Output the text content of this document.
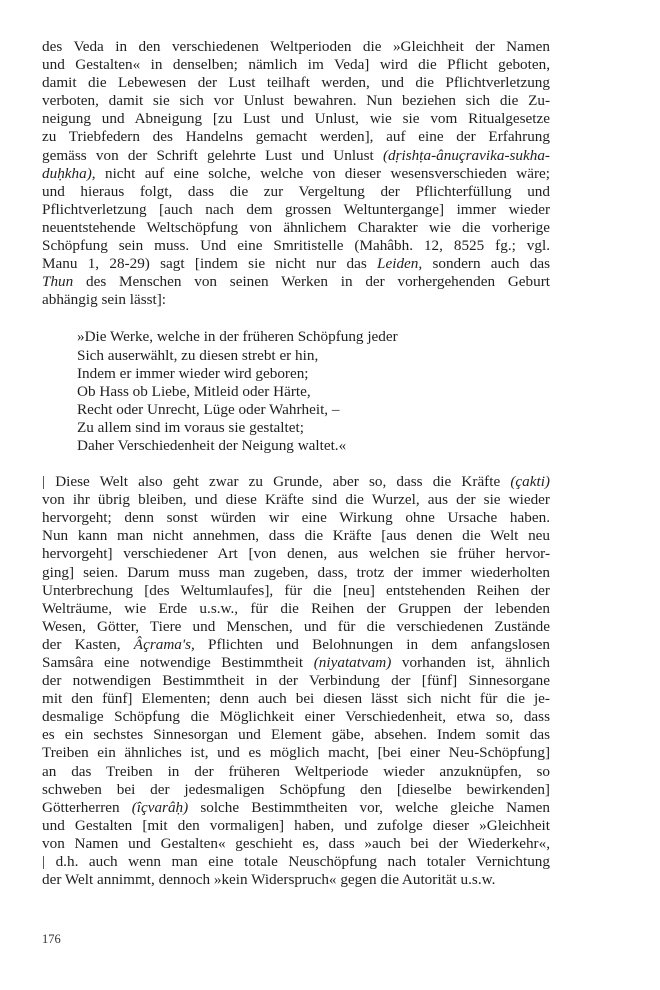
des Veda in den verschiedenen Weltperioden die »Gleichheit der Namen
und Gestalten« in denselben; nämlich im Veda] wird die Pflicht geboten,
damit die Lebewesen der Lust teilhaft werden, und die Pflichtverletzung
verboten, damit sie sich vor Unlust bewahren. Nun beziehen sich die Zu-
neigung und Abneigung [zu Lust und Unlust, wie sie vom Ritualgesetze
zu Triebfedern des Handelns gemacht werden], auf eine der Erfahrung
gemäss von der Schrift gelehrte Lust und Unlust (dṛishṭa-ânuçravika-sukha-
duḥkha), nicht auf eine solche, welche von dieser wesensverschieden wäre;
und hieraus folgt, dass die zur Vergeltung der Pflichterfüllung und
Pflichtverletzung [auch nach dem grossen Weltuntergange] immer wieder
neuentstehende Weltschöpfung von ähnlichem Charakter wie die vorherige
Schöpfung sein muss. Und eine Smritistelle (Mahâbh. 12, 8525 fg.; vgl.
Manu 1, 28-29) sagt [indem sie nicht nur das Leiden, sondern auch das
Thun des Menschen von seinen Werken in der vorhergehenden Geburt
abhängig sein lässt]:

»Die Werke, welche in der früheren Schöpfung jeder
Sich auserwählt, zu diesen strebt er hin,
Indem er immer wieder wird geboren;
Ob Hass ob Liebe, Mitleid oder Härte,
Recht oder Unrecht, Lüge oder Wahrheit, –
Zu allem sind im voraus sie gestaltet;
Daher Verschiedenheit der Neigung waltet.«

| Diese Welt also geht zwar zu Grunde, aber so, dass die Kräfte (çakti)
von ihr übrig bleiben, und diese Kräfte sind die Wurzel, aus der sie wieder
hervorgeht; denn sonst würden wir eine Wirkung ohne Ursache haben.
Nun kann man nicht annehmen, dass die Kräfte [aus denen die Welt neu
hervorgeht] verschiedener Art [von denen, aus welchen sie früher hervor-
ging] seien. Darum muss man zugeben, dass, trotz der immer wiederholten
Unterbrechung [des Weltumlaufes], für die [neu] entstehenden Reihen der
Welträume, wie Erde u.s.w., für die Reihen der Gruppen der lebenden
Wesen, Götter, Tiere und Menschen, und für die verschiedenen Zustände
der Kasten, Âçrama's, Pflichten und Belohnungen in dem anfangslosen
Samsâra eine notwendige Bestimmtheit (niyatatvam) vorhanden ist, ähnlich
der notwendigen Bestimmtheit in der Verbindung der [fünf] Sinnesorgane
mit den fünf] Elementen; denn auch bei diesen lässt sich nicht für die je-
desmalige Schöpfung die Möglichkeit einer Verschiedenheit, etwa so, dass
es ein sechstes Sinnesorgan und Element gäbe, absehen. Indem somit das
Treiben ein ähnliches ist, und es möglich macht, [bei einer Neu-Schöpfung]
an das Treiben in der früheren Weltperiode wieder anzuknüpfen, so
schweben bei der jedesmaligen Schöpfung den [dieselbe bewirkenden]
Götterherren (îçvarâḥ) solche Bestimmtheiten vor, welche gleiche Namen
und Gestalten [mit den vormaligen] haben, und zufolge dieser »Gleichheit
von Namen und Gestalten« geschieht es, dass »auch bei der Wiederkehr«,
| d.h. auch wenn man eine totale Neuschöpfung nach totaler Vernichtung
der Welt annimmt, dennoch »kein Widerspruch« gegen die Autorität u.s.w.

176
